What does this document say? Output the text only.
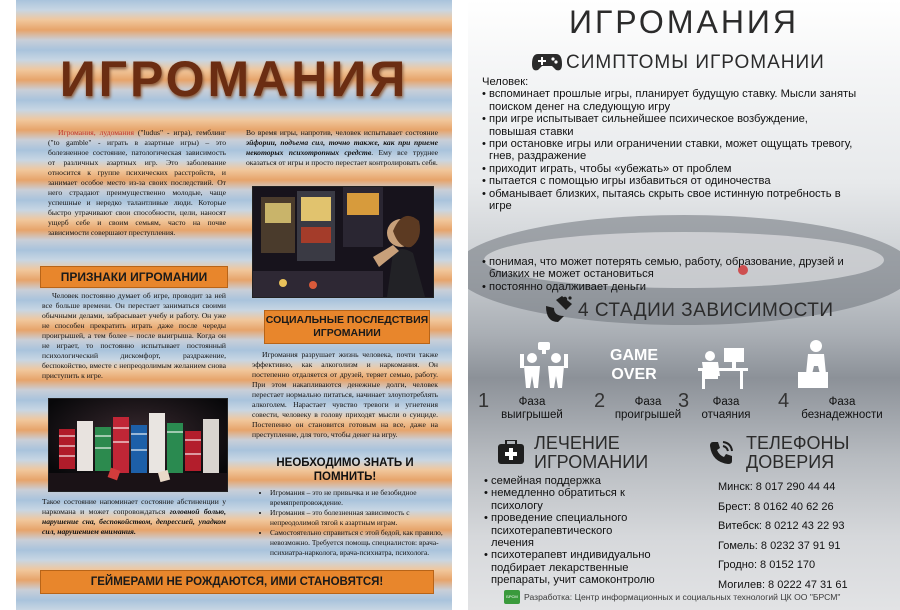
ИГРОМАНИЯ

Игромания, лудомания ("ludus" - игра), гемблинг ("to gamble" - играть в азартные игры) – это болезненное состояние, патологическая зависимость от различных азартных игр. Это заболевание относится к группе психических расстройств, и занимает особое место из-за своих последствий. От него страдают преимущественно молодые, чаще успешные и нередко талантливые люди. Которые быстро утрачивают свои способности, цели, наносят ущерб себе и своим семьям, часто на почве зависимости совершают преступления.

ПРИЗНАКИ ИГРОМАНИИ

Человек постоянно думает об игре, проводит за ней все больше времени. Он перестает заниматься своими обычными делами, забрасывает учебу и работу. Он уже не способен прекратить играть даже после череды проигрышей, а тем более – после выигрыша. Когда он не играет, то постоянно испытывает постоянный психологический дискомфорт, раздражение, беспокойство, вместе с непреодолимым желанием снова приступить к игре.

Такое состояние напоминает состояние абстиненции у наркомана и может сопровождаться головной болью, нарушение сна, беспокойством, депрессией, упадком сил, нарушением внимания.

Во время игры, напротив, человек испытывает состояние эйфории, подъема сил, точно также, как при приеме некоторых психотропных средств. Ему все труднее оказаться от игры и просто перестает контролировать себя.

СОЦИАЛЬНЫЕ ПОСЛЕДСТВИЯ ИГРОМАНИИ

Игромания разрушает жизнь человека, почти также эффективно, как алкоголизм и наркомания. Он постепенно отдаляется от друзей, теряет семью, работу. При этом накапливаются денежные долги, человек перестает нормально питаться, начинает злоупотреблять алкоголем. Нарастает чувство тревоги и угнетения совести, человеку в голову приходят мысли о суициде. Постепенно он становится готовым на все, даже на преступление, для того, чтобы денег на игру.

НЕОБХОДИМО ЗНАТЬ И ПОМНИТЬ!
• Игромания – это не привычка и не безобидное времяпрепровождение.
• Игромания – это болезненная зависимость с непреодолимой тягой к азартным играм.
• Самостоятельно справиться с этой бедой, как правило, невозможно. Требуется помощь специалистов: врача-психиатра-нарколога, врача-психиатра, психолога.
ГЕЙМЕРАМИ НЕ РОЖДАЮТСЯ, ИМИ СТАНОВЯТСЯ!
ИГРОМАНИЯ
СИМПТОМЫ ИГРОМАНИИ
Человек:
• вспоминает прошлые игры, планирует будущую ставку. Мысли заняты
поиском денег на следующую игру
• при игре испытывает сильнейшее психическое возбуждение,
повышая ставки
• при остановке игры или ограничении ставки, может ощущать тревогу,
гнев, раздражение
• приходит играть, чтобы «убежать» от проблем
• пытается с помощью игры избавиться от одиночества
• обманывает близких, пытаясь скрыть свое истинную потребность в
игре
• понимая, что может потерять семью, работу, образование, друзей и
близких не может остановиться
• постоянно одалживает деньги
4 СТАДИИ ЗАВИСИМОСТИ
GAME
OVER
1	Фаза
выигрышей
2	Фаза
проигрышей
3	Фаза
отчаяния
4	Фаза
безнадежности
ЛЕЧЕНИЕ
ИГРОМАНИИ
• семейная поддержка
• немедленно обратиться к
психологу
• проведение специального
психотерапевтического
лечения
• психотерапевт индивидуально
подбирает лекарственные
препараты, учит самоконтролю
ТЕЛЕФОНЫ
ДОВЕРИЯ
Минск: 8 017 290 44 44
Брест: 8 0162 40 62 26
Витебск: 8 0212 43 22 93
Гомель: 8 0232 37 91 91
Гродно: 8 0152 170
Могилев: 8 0222 47 31 61
БРСМ Разработка: Центр информационных и социальных технологий ЦК ОО "БРСМ"
